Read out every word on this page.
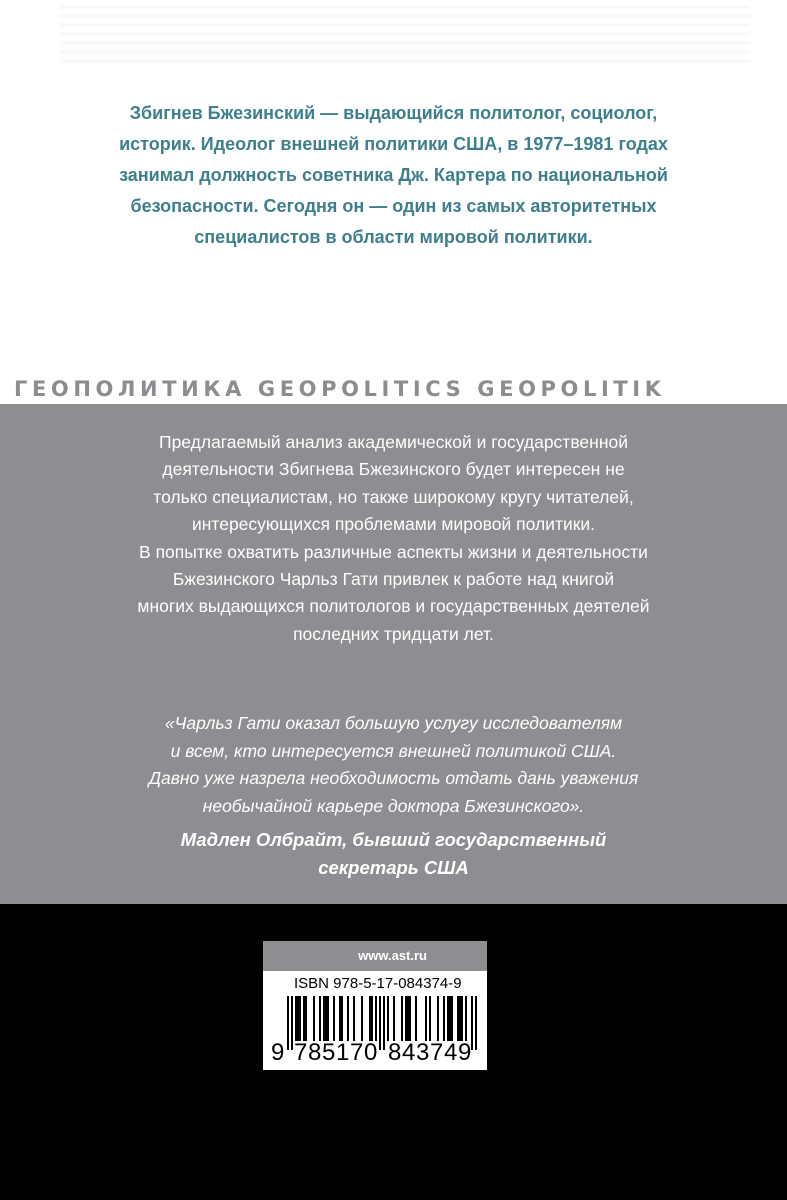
Збигнев Бжезинский — выдающийся политолог, социолог,
историк. Идеолог внешней политики США, в 1977–1981 годах
занимал должность советника Дж. Картера по национальной
безопасности. Сегодня он — один из самых авторитетных
специалистов в области мировой политики.

ГЕОПОЛИТИКА GEOPOLITICS GEOPOLITIK

Предлагаемый анализ академической и государственной
деятельности Збигнева Бжезинского будет интересен не
только специалистам, но также широкому кругу читателей,
интересующихся проблемами мировой политики.
В попытке охватить различные аспекты жизни и деятельности
Бжезинского Чарльз Гати привлек к работе над книгой
многих выдающихся политологов и государственных деятелей
последних тридцати лет.

«Чарльз Гати оказал большую услугу исследователям
и всем, кто интересуется внешней политикой США.
Давно уже назрела необходимость отдать дань уважения
необычайной карьере доктора Бжезинского».

Мадлен Олбрайт, бывший государственный
секретарь США

www.ast.ru
ISBN 978-5-17-084374-9
9 7 8 5 1 7 0 8 4 3 7 4 9
